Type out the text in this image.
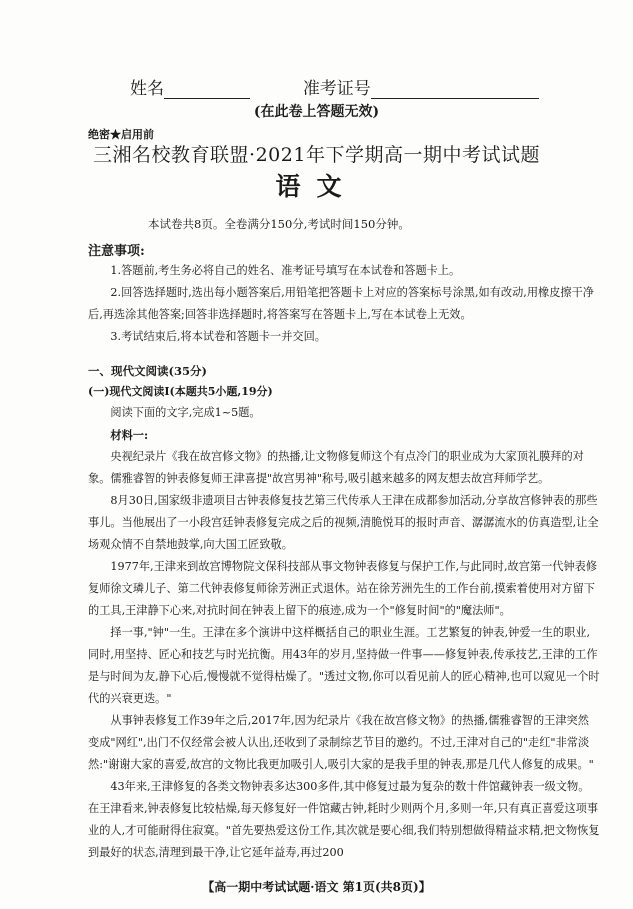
姓名	准考证号
(在此卷上答题无效)
绝密★启用前
三湘名校教育联盟·2021年下学期高一期中考试试题
语文
本试卷共8页。全卷满分150分,考试时间150分钟。
注意事项:
1.答题前,考生务必将自己的姓名、准考证号填写在本试卷和答题卡上。
2.回答选择题时,选出每小题答案后,用铅笔把答题卡上对应的答案标号涂黑,如有改动,用橡皮擦干净后,再选涂其他答案;回答非选择题时,将答案写在答题卡上,写在本试卷上无效。
3.考试结束后,将本试卷和答题卡一并交回。
一、现代文阅读(35分)
(一)现代文阅读Ⅰ(本题共5小题,19分)
阅读下面的文字,完成1~5题。
材料一:
央视纪录片《我在故宫修文物》的热播,让文物修复师这个有点冷门的职业成为大家顶礼膜拜的对象。儒雅睿智的钟表修复师王津喜提"故宫男神"称号,吸引越来越多的网友想去故宫拜师学艺。
8月30日,国家级非遗项目古钟表修复技艺第三代传承人王津在成都参加活动,分享故宫修钟表的那些事儿。当他展出了一小段宫廷钟表修复完成之后的视频,清脆悦耳的报时声音、潺潺流水的仿真造型,让全场观众情不自禁地鼓掌,向大国工匠致敬。
1977年,王津来到故宫博物院文保科技部从事文物钟表修复与保护工作,与此同时,故宫第一代钟表修复师徐文璘儿子、第二代钟表修复师徐芳洲正式退休。站在徐芳洲先生的工作台前,摸索着使用对方留下的工具,王津静下心来,对抗时间在钟表上留下的痕迹,成为一个"修复时间"的"魔法师"。
择一事,"钟"一生。王津在多个演讲中这样概括自己的职业生涯。工艺繁复的钟表,钟爱一生的职业,同时,用坚持、匠心和技艺与时光抗衡。用43年的岁月,坚持做一件事——修复钟表,传承技艺,王津的工作是与时间为友,静下心后,慢慢就不觉得枯燥了。"透过文物,你可以看见前人的匠心精神,也可以窥见一个时代的兴衰更迭。"
从事钟表修复工作39年之后,2017年,因为纪录片《我在故宫修文物》的热播,儒雅睿智的王津突然变成"网红",出门不仅经常会被人认出,还收到了录制综艺节目的邀约。不过,王津对自己的"走红"非常淡然:"谢谢大家的喜爱,故宫的文物比我更加吸引人,吸引大家的是我手里的钟表,那是几代人修复的成果。"
43年来,王津修复的各类文物钟表多达300多件,其中修复过最为复杂的数十件馆藏钟表一级文物。在王津看来,钟表修复比较枯燥,每天修复好一件馆藏古钟,耗时少则两个月,多则一年,只有真正喜爱这项事业的人,才可能耐得住寂寞。"首先要热爱这份工作,其次就是要心细,我们特别想做得精益求精,把文物恢复到最好的状态,清理到最干净,让它延年益寿,再过200
【高一期中考试试题·语文 第1页(共8页)】
